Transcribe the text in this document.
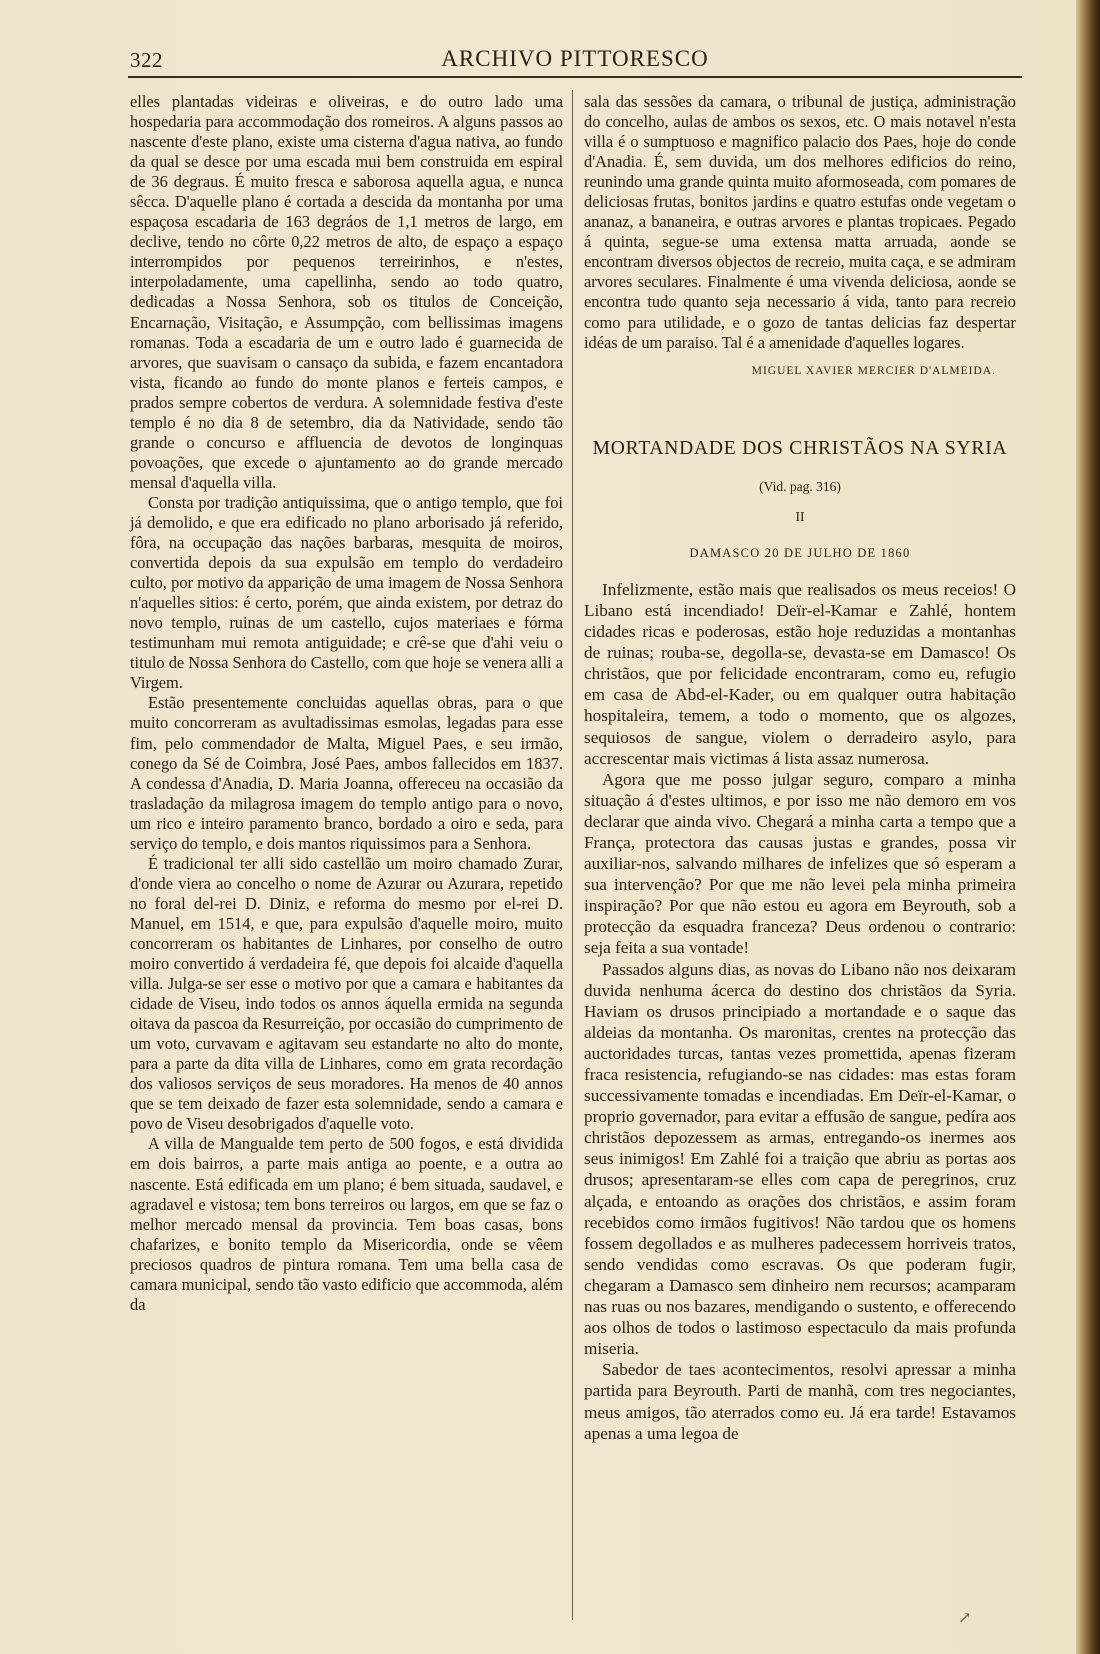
322	ARCHIVO PITTORESCO

elles plantadas videiras e oliveiras, e do outro lado uma hospedaria para accommodação dos romeiros. A alguns passos ao nascente d'este plano, existe uma cisterna d'agua nativa, ao fundo da qual se desce por uma escada mui bem construida em espiral de 36 degraus. É muito fresca e saborosa aquella agua, e nunca sêcca. D'aquelle plano é cortada a descida da montanha por uma espaçosa escadaria de 163 degráos de 1,1 metros de largo, em declive, tendo no côrte 0,22 metros de alto, de espaço a espaço interrompidos por pequenos terreirinhos, e n'estes, interpoladamente, uma capellinha, sendo ao todo quatro, dedicadas a Nossa Senhora, sob os titulos de Conceição, Encarnação, Visitação, e Assumpção, com bellissimas imagens romanas. Toda a escadaria de um e outro lado é guarnecida de arvores, que suavisam o cansaço da subida, e fazem encantadora vista, ficando ao fundo do monte planos e ferteis campos, e prados sempre cobertos de verdura. A solemnidade festiva d'este templo é no dia 8 de setembro, dia da Natividade, sendo tão grande o concurso e affluencia de devotos de longinquas povoações, que excede o ajuntamento ao do grande mercado mensal d'aquella villa.

Consta por tradição antiquissima, que o antigo templo, que foi já demolido, e que era edificado no plano arborisado já referido, fôra, na occupação das nações barbaras, mesquita de moiros, convertida depois da sua expulsão em templo do verdadeiro culto, por motivo da apparição de uma imagem de Nossa Senhora n'aquelles sitios: é certo, porém, que ainda existem, por detraz do novo templo, ruinas de um castello, cujos materiaes e fórma testimunham mui remota antiguidade; e crê-se que d'ahi veiu o titulo de Nossa Senhora do Castello, com que hoje se venera alli a Virgem.

Estão presentemente concluidas aquellas obras, para o que muito concorreram as avultadissimas esmolas, legadas para esse fim, pelo commendador de Malta, Miguel Paes, e seu irmão, conego da Sé de Coimbra, José Paes, ambos fallecidos em 1837. A condessa d'Anadia, D. Maria Joanna, offereceu na occasião da trasladação da milagrosa imagem do templo antigo para o novo, um rico e inteiro paramento branco, bordado a oiro e seda, para serviço do templo, e dois mantos riquissimos para a Senhora.

É tradicional ter alli sido castellão um moiro chamado Zurar, d'onde viera ao concelho o nome de Azurar ou Azurara, repetido no foral del-rei D. Diniz, e reforma do mesmo por el-rei D. Manuel, em 1514, e que, para expulsão d'aquelle moiro, muito concorreram os habitantes de Linhares, por conselho de outro moiro convertido á verdadeira fé, que depois foi alcaide d'aquella villa. Julga-se ser esse o motivo por que a camara e habitantes da cidade de Viseu, indo todos os annos áquella ermida na segunda oitava da pascoa da Resurreição, por occasião do cumprimento de um voto, curvavam e agitavam seu estandarte no alto do monte, para a parte da dita villa de Linhares, como em grata recordação dos valiosos serviços de seus moradores. Ha menos de 40 annos que se tem deixado de fazer esta solemnidade, sendo a camara e povo de Viseu desobrigados d'aquelle voto.

A villa de Mangualde tem perto de 500 fogos, e está dividida em dois bairros, a parte mais antiga ao poente, e a outra ao nascente. Está edificada em um plano; é bem situada, saudavel, e agradavel e vistosa; tem bons terreiros ou largos, em que se faz o melhor mercado mensal da provincia. Tem boas casas, bons chafarizes, e bonito templo da Misericordia, onde se vêem preciosos quadros de pintura romana. Tem uma bella casa de camara municipal, sendo tão vasto edificio que accommoda, além da

sala das sessões da camara, o tribunal de justiça, administração do concelho, aulas de ambos os sexos, etc. O mais notavel n'esta villa é o sumptuoso e magnifico palacio dos Paes, hoje do conde d'Anadia. É, sem duvida, um dos melhores edificios do reino, reunindo uma grande quinta muito aformoseada, com pomares de deliciosas frutas, bonitos jardins e quatro estufas onde vegetam o ananaz, a bananeira, e outras arvores e plantas tropicaes. Pegado á quinta, segue-se uma extensa matta arruada, aonde se encontram diversos objectos de recreio, muita caça, e se admiram arvores seculares. Finalmente é uma vivenda deliciosa, aonde se encontra tudo quanto seja necessario á vida, tanto para recreio como para utilidade, e o gozo de tantas delicias faz despertar idéas de um paraiso. Tal é a amenidade d'aquelles logares.

MIGUEL XAVIER MERCIER D'ALMEIDA.
MORTANDADE DOS CHRISTÃOS NA SYRIA
(Vid. pag. 316)
II
DAMASCO 20 DE JULHO DE 1860

Infelizmente, estão mais que realisados os meus receios! O Libano está incendiado! Deïr-el-Kamar e Zahlé, hontem cidades ricas e poderosas, estão hoje reduzidas a montanhas de ruinas; rouba-se, degolla-se, devasta-se em Damasco! Os christãos, que por felicidade encontraram, como eu, refugio em casa de Abd-el-Kader, ou em qualquer outra habitação hospitaleira, temem, a todo o momento, que os algozes, sequiosos de sangue, violem o derradeiro asylo, para accrescentar mais victimas á lista assaz numerosa.

Agora que me posso julgar seguro, comparo a minha situação á d'estes ultimos, e por isso me não demoro em vos declarar que ainda vivo. Chegará a minha carta a tempo que a França, protectora das causas justas e grandes, possa vir auxiliar-nos, salvando milhares de infelizes que só esperam a sua intervenção? Por que me não levei pela minha primeira inspiração? Por que não estou eu agora em Beyrouth, sob a protecção da esquadra franceza? Deus ordenou o contrario: seja feita a sua vontade!

Passados alguns dias, as novas do Libano não nos deixaram duvida nenhuma ácerca do destino dos christãos da Syria. Haviam os drusos principiado a mortandade e o saque das aldeias da montanha. Os maronitas, crentes na protecção das auctoridades turcas, tantas vezes promettida, apenas fizeram fraca resistencia, refugiando-se nas cidades: mas estas foram successivamente tomadas e incendiadas. Em Deïr-el-Kamar, o proprio governador, para evitar a effusão de sangue, pedíra aos christãos depozessem as armas, entregando-os inermes aos seus inimigos! Em Zahlé foi a traição que abriu as portas aos drusos; apresentaram-se elles com capa de peregrinos, cruz alçada, e entoando as orações dos christãos, e assim foram recebidos como irmãos fugitivos! Não tardou que os homens fossem degollados e as mulheres padecessem horriveis tratos, sendo vendidas como escravas. Os que poderam fugir, chegaram a Damasco sem dinheiro nem recursos; acamparam nas ruas ou nos bazares, mendigando o sustento, e offerecendo aos olhos de todos o lastimoso espectaculo da mais profunda miseria.

Sabedor de taes acontecimentos, resolvi apressar a minha partida para Beyrouth. Parti de manhã, com tres negociantes, meus amigos, tão aterrados como eu. Já era tarde! Estavamos apenas a uma legoa de

↗
